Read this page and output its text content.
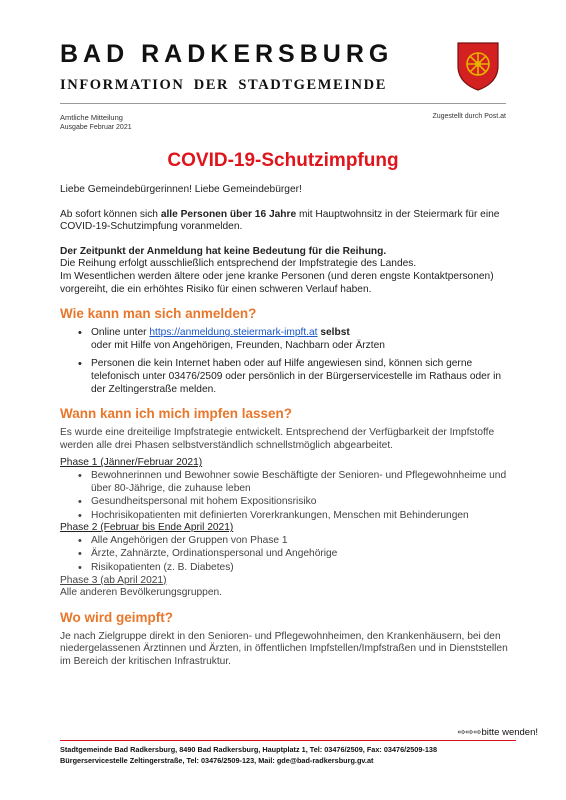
BAD RADKERSBURG
INFORMATION DER STADTGEMEINDE
Amtliche Mitteilung
Ausgabe Februar 2021
Zugestellt durch Post.at
COVID-19-Schutzimpfung

Liebe Gemeindebürgerinnen! Liebe Gemeindebürger!

Ab sofort können sich alle Personen über 16 Jahre mit Hauptwohnsitz in der Steiermark für eine COVID-19-Schutzimpfung voranmelden.

Der Zeitpunkt der Anmeldung hat keine Bedeutung für die Reihung.

Die Reihung erfolgt ausschließlich entsprechend der Impfstrategie des Landes.

Im Wesentlichen werden ältere oder jene kranke Personen (und deren engste Kontaktpersonen) vorgereiht, die ein erhöhtes Risiko für einen schweren Verlauf haben.

Wie kann man sich anmelden?
• Online unter https://anmeldung.steiermark-impft.at selbst
oder mit Hilfe von Angehörigen, Freunden, Nachbarn oder Ärzten
• Personen die kein Internet haben oder auf Hilfe angewiesen sind, können sich gerne telefonisch unter 03476/2509 oder persönlich in der Bürgerservicestelle im Rathaus oder in der Zeltingerstraße melden.
Wann kann ich mich impfen lassen?

Es wurde eine dreiteilige Impfstrategie entwickelt. Entsprechend der Verfügbarkeit der Impfstoffe werden alle drei Phasen selbstverständlich schnellstmöglich abgearbeitet.

Phase 1 (Jänner/Februar 2021)

• Bewohnerinnen und Bewohner sowie Beschäftigte der Senioren- und Pflegewohnheime und über 80-Jährige, die zuhause leben
• Gesundheitspersonal mit hohem Expositionsrisiko
• Hochrisikopatienten mit definierten Vorerkrankungen, Menschen mit Behinderungen

Phase 2 (Februar bis Ende April 2021)

• Alle Angehörigen der Gruppen von Phase 1
• Ärzte, Zahnärzte, Ordinationspersonal und Angehörige
• Risikopatienten (z. B. Diabetes)

Phase 3 (ab April 2021)

Alle anderen Bevölkerungsgruppen.

Wo wird geimpft?

Je nach Zielgruppe direkt in den Senioren- und Pflegewohnheimen, den Krankenhäusern, bei den niedergelassenen Ärztinnen und Ärzten, in öffentlichen Impfstellen/Impfstraßen und in Dienststellen im Bereich der kritischen Infrastruktur.

⇨⇨⇨bitte wenden!
Stadtgemeinde Bad Radkersburg, 8490 Bad Radkersburg, Hauptplatz 1, Tel: 03476/2509, Fax: 03476/2509-138
Bürgerservicestelle Zeltingerstraße, Tel: 03476/2509-123, Mail: gde@bad-radkersburg.gv.at
